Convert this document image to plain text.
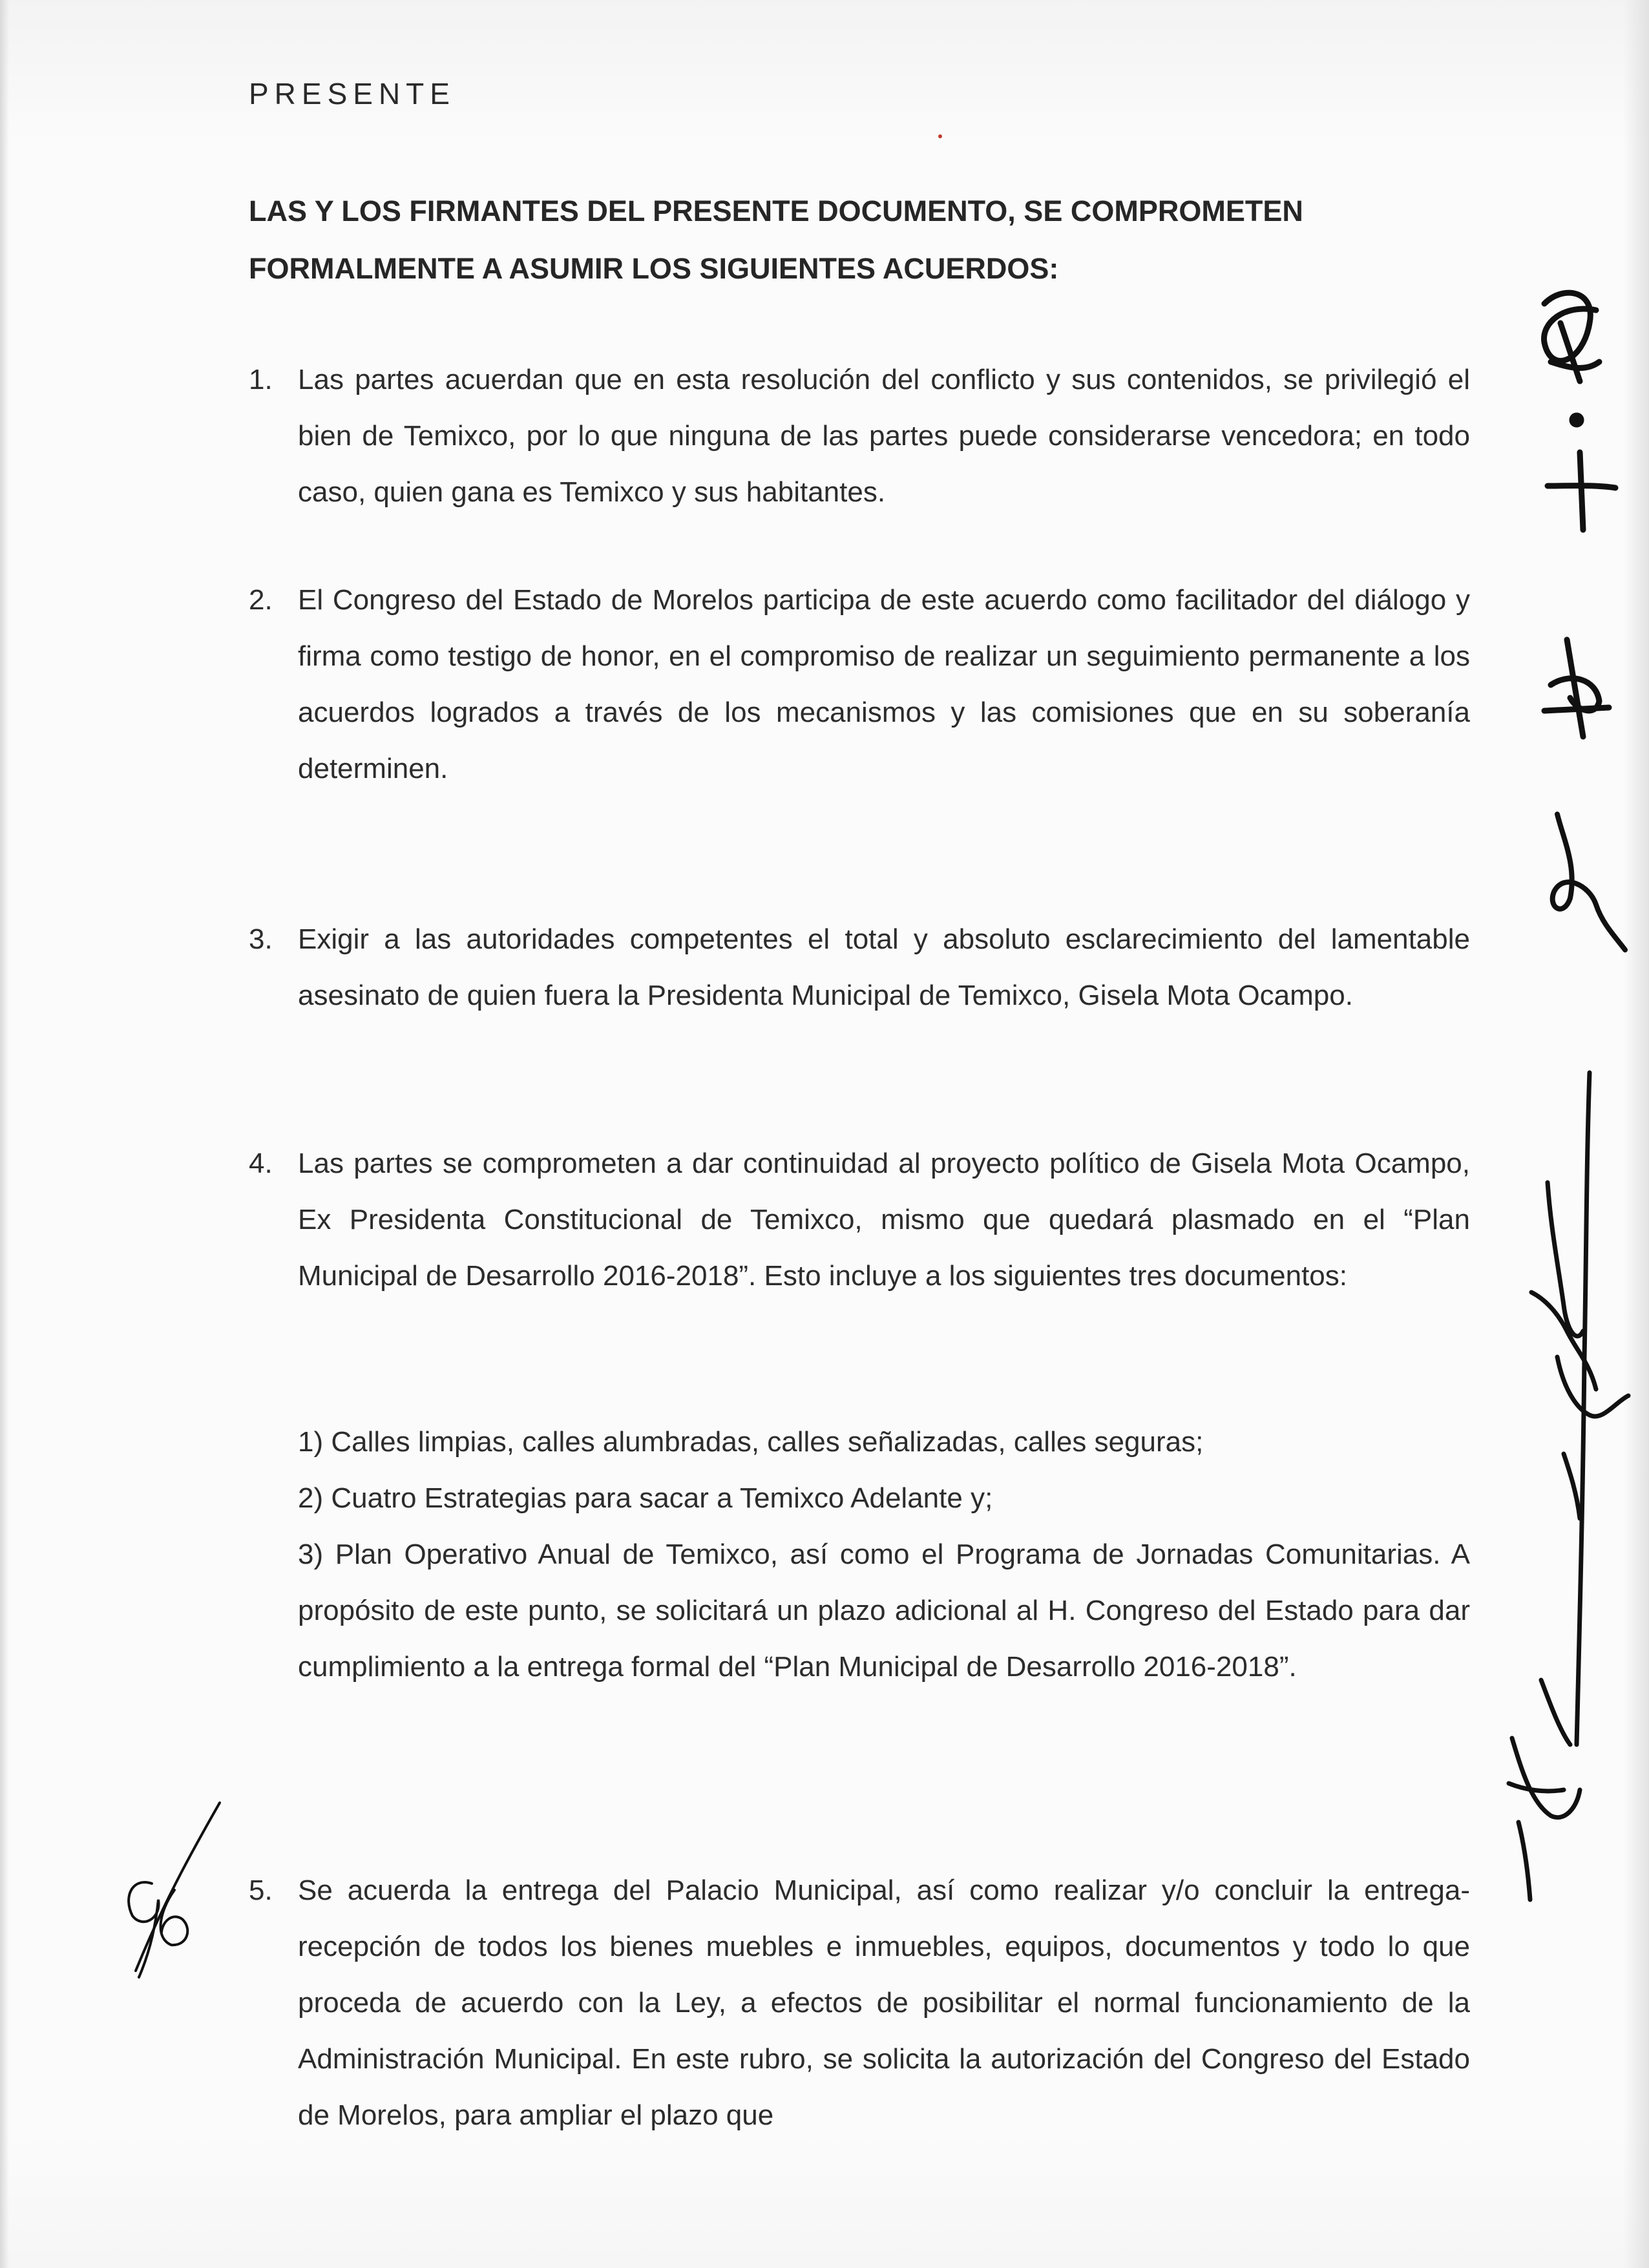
PRESENTE
LAS Y LOS FIRMANTES DEL PRESENTE DOCUMENTO, SE COMPROMETEN FORMALMENTE A ASUMIR LOS SIGUIENTES ACUERDOS:
1. Las partes acuerdan que en esta resolución del conflicto y sus contenidos, se privilegió el bien de Temixco, por lo que ninguna de las partes puede considerarse vencedora; en todo caso, quien gana es Temixco y sus habitantes.
2. El Congreso del Estado de Morelos participa de este acuerdo como facilitador del diálogo y firma como testigo de honor, en el compromiso de realizar un seguimiento permanente a los acuerdos logrados a través de los mecanismos y las comisiones que en su soberanía determinen.
3. Exigir a las autoridades competentes el total y absoluto esclarecimiento del lamentable asesinato de quien fuera la Presidenta Municipal de Temixco, Gisela Mota Ocampo.
4. Las partes se comprometen a dar continuidad al proyecto político de Gisela Mota Ocampo, Ex Presidenta Constitucional de Temixco, mismo que quedará plasmado en el “Plan Municipal de Desarrollo 2016-2018”. Esto incluye a los siguientes tres documentos:
1) Calles limpias, calles alumbradas, calles señalizadas, calles seguras;
2) Cuatro Estrategias para sacar a Temixco Adelante y;
3) Plan Operativo Anual de Temixco, así como el Programa de Jornadas Comunitarias. A propósito de este punto, se solicitará un plazo adicional al H. Congreso del Estado para dar cumplimiento a la entrega formal del “Plan Municipal de Desarrollo 2016-2018”.
5. Se acuerda la entrega del Palacio Municipal, así como realizar y/o concluir la entrega-recepción de todos los bienes muebles e inmuebles, equipos, documentos y todo lo que proceda de acuerdo con la Ley, a efectos de posibilitar el normal funcionamiento de la Administración Municipal. En este rubro, se solicita la autorización del Congreso del Estado de Morelos, para ampliar el plazo que
